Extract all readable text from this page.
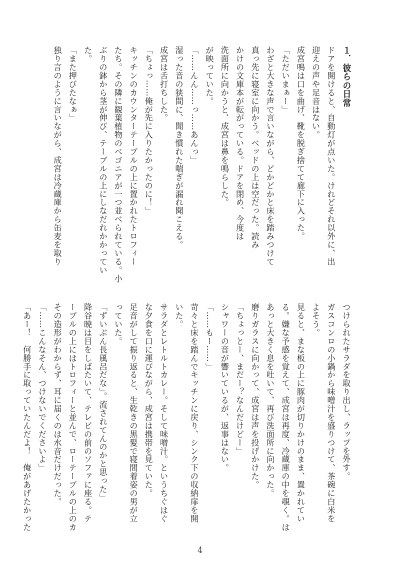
１．彼らの日常
ドアを開けると、自動灯が点いた。けれどそれ以外に、出
迎えの声や足音はない。
成宮鳴は口を曲げ、靴を脱ぎ捨てて廊下に入った。
「ただいまぁー」
わざと大きな声で言いながら、どかどかと床を踏みつけて
真っ先に寝室に向かう。ベッドの上は空だった。読み
かけの文庫本が転がっている。ドアを閉め、今度は
洗面所に向かうと、成宮は鼻を鳴らした。
が映っていた。
「……んん……っ……あんっ」
湿った音の狭間に、聞き慣れた喘ぎが漏れ聞こえる。
成宮は舌打ちした。
「ちょっ……俺が先に入りたかったのに！」
キッチンのカウンターテーブルの上に置かれたトロフィー
たち。その隣に観葉植物のベゴニアが一つ並べられている。小
ぶりの鉢から茎が伸び、テーブルの上にしなだれかかってい
た。
「また押びたなぁ」
独り言のように言いながら、成宮は冷蔵庫から缶麦を取り
つけられたサラダを取り出し、ラップを外す。
ガスコンロの小鍋から味噌汁を盛りつけて、茶碗に白米を
よそう。
見ると、まな板の上に豚肉が切りかけのまま、置かれてい
る。嫌な予感を覚えて、成宮は再度、冷蔵庫の中を覗く。は
あっと大きく息を吐いて、再び洗面所に向かった。
磨りガラスに向かって、成宮は声を投げかけた。
「ちょっとー、まだー？なんだけどー」
シャワーの音が響いているが、返事はない。
「……もー……」
苛々と床を踏んでキッチンに戻り、シンク下の収納扉を開
いた。
サラダとレトルトカレー。そして味噌汁。というちぐはぐ
な夕食を口に運びながら、成宮は携帯を見ていた。
足音がして振り返ると、生乾きの黒髪で寝間着姿の男が立
っていた。
「ずいぶん長風呂だな」。流されてんのかと思った」
降谷暁は目をしばたいて、テレビの前のソファに座る。テ
ーブルの上にはトロフィーと並んで、ローテーブルの上のカ
その造形がわからず、耳に届くのは水音だけだった。
「……こんなそん、つけないでくださいよ」
「あー！　何勝手に取っていたんだよ！　俺があげたかった
4
